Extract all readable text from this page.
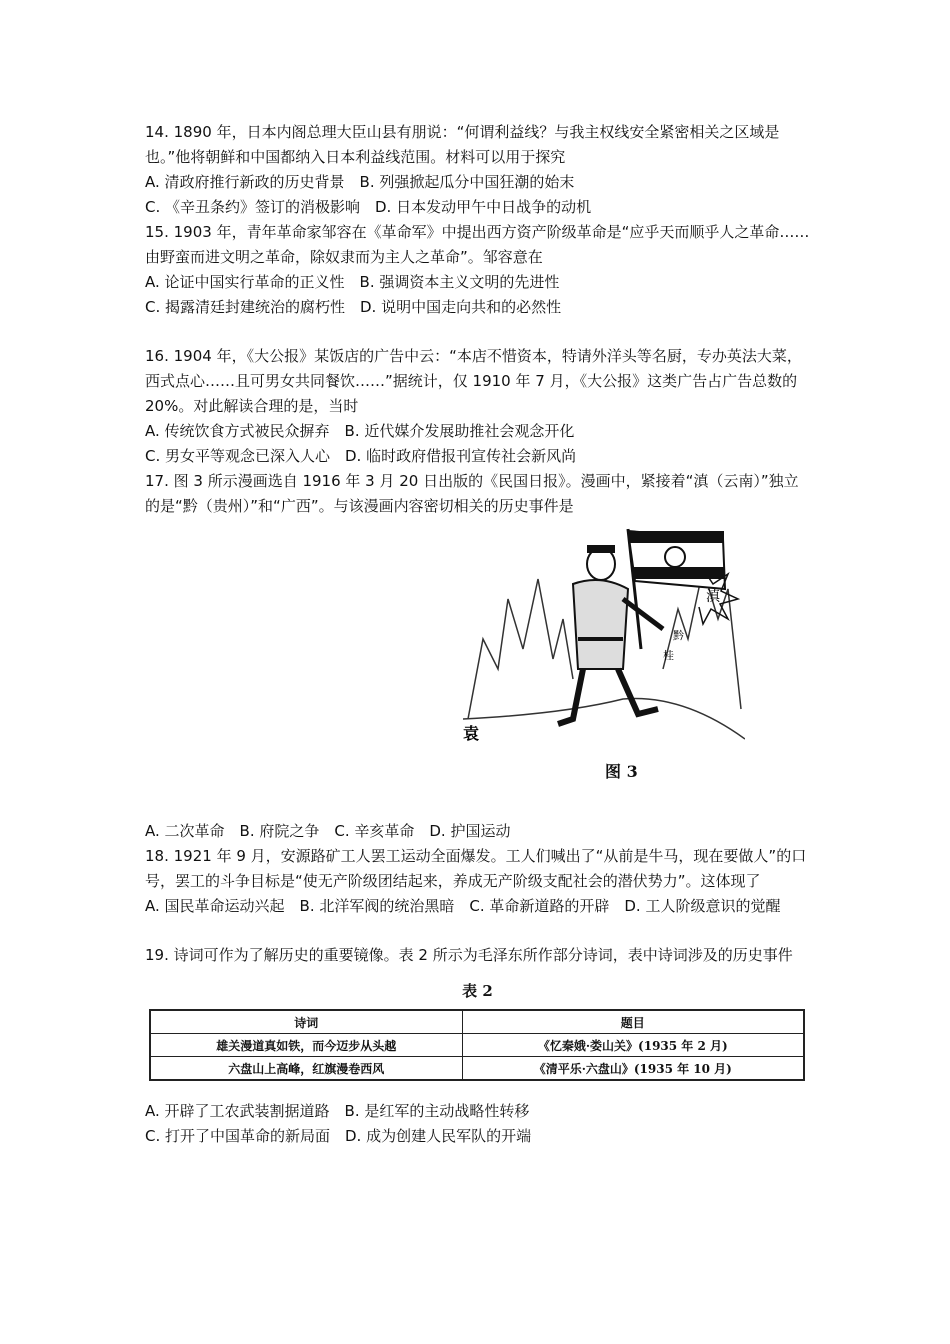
14. 1890 年，日本内阁总理大臣山县有朋说：“何谓利益线？与我主权线安全紧密相关之区域是也。”他将朝鲜和中国都纳入日本利益线范围。材料可以用于探究

A. 清政府推行新政的历史背景　B. 列强掀起瓜分中国狂潮的始末

C. 《辛丑条约》签订的消极影响　D. 日本发动甲午中日战争的动机

15. 1903 年，青年革命家邹容在《革命军》中提出西方资产阶级革命是“应乎天而顺乎人之革命……由野蛮而进文明之革命，除奴隶而为主人之革命”。邹容意在

A. 论证中国实行革命的正义性　B. 强调资本主义文明的先进性

C. 揭露清廷封建统治的腐朽性　D. 说明中国走向共和的必然性

16. 1904 年，《大公报》某饭店的广告中云：“本店不惜资本，特请外洋头等名厨，专办英法大菜，西式点心……且可男女共同餐饮……”据统计，仅 1910 年 7 月，《大公报》这类广告占广告总数的 20%。对此解读合理的是，当时

A. 传统饮食方式被民众摒弃　B. 近代媒介发展助推社会观念开化

C. 男女平等观念已深入人心　D. 临时政府借报刊宣传社会新风尚

17. 图 3 所示漫画选自 1916 年 3 月 20 日出版的《民国日报》。漫画中，紧接着“滇（云南）”独立的是“黔（贵州）”和“广西”。与该漫画内容密切相关的历史事件是

滇
黔
桂
袁
图 3

A. 二次革命　B. 府院之争　C. 辛亥革命　D. 护国运动

18. 1921 年 9 月，安源路矿工人罢工运动全面爆发。工人们喊出了“从前是牛马，现在要做人”的口号，罢工的斗争目标是“使无产阶级团结起来，养成无产阶级支配社会的潜伏势力”。这体现了

A. 国民革命运动兴起　B. 北洋军阀的统治黑暗　C. 革命新道路的开辟　D. 工人阶级意识的觉醒

19. 诗词可作为了解历史的重要镜像。表 2 所示为毛泽东所作部分诗词，表中诗词涉及的历史事件

表 2
诗词	题目
雄关漫道真如铁，而今迈步从头越	《忆秦娥·娄山关》(1935 年 2 月)
六盘山上高峰，红旗漫卷西风	《清平乐·六盘山》(1935 年 10 月)

A. 开辟了工农武装割据道路　B. 是红军的主动战略性转移

C. 打开了中国革命的新局面　D. 成为创建人民军队的开端
